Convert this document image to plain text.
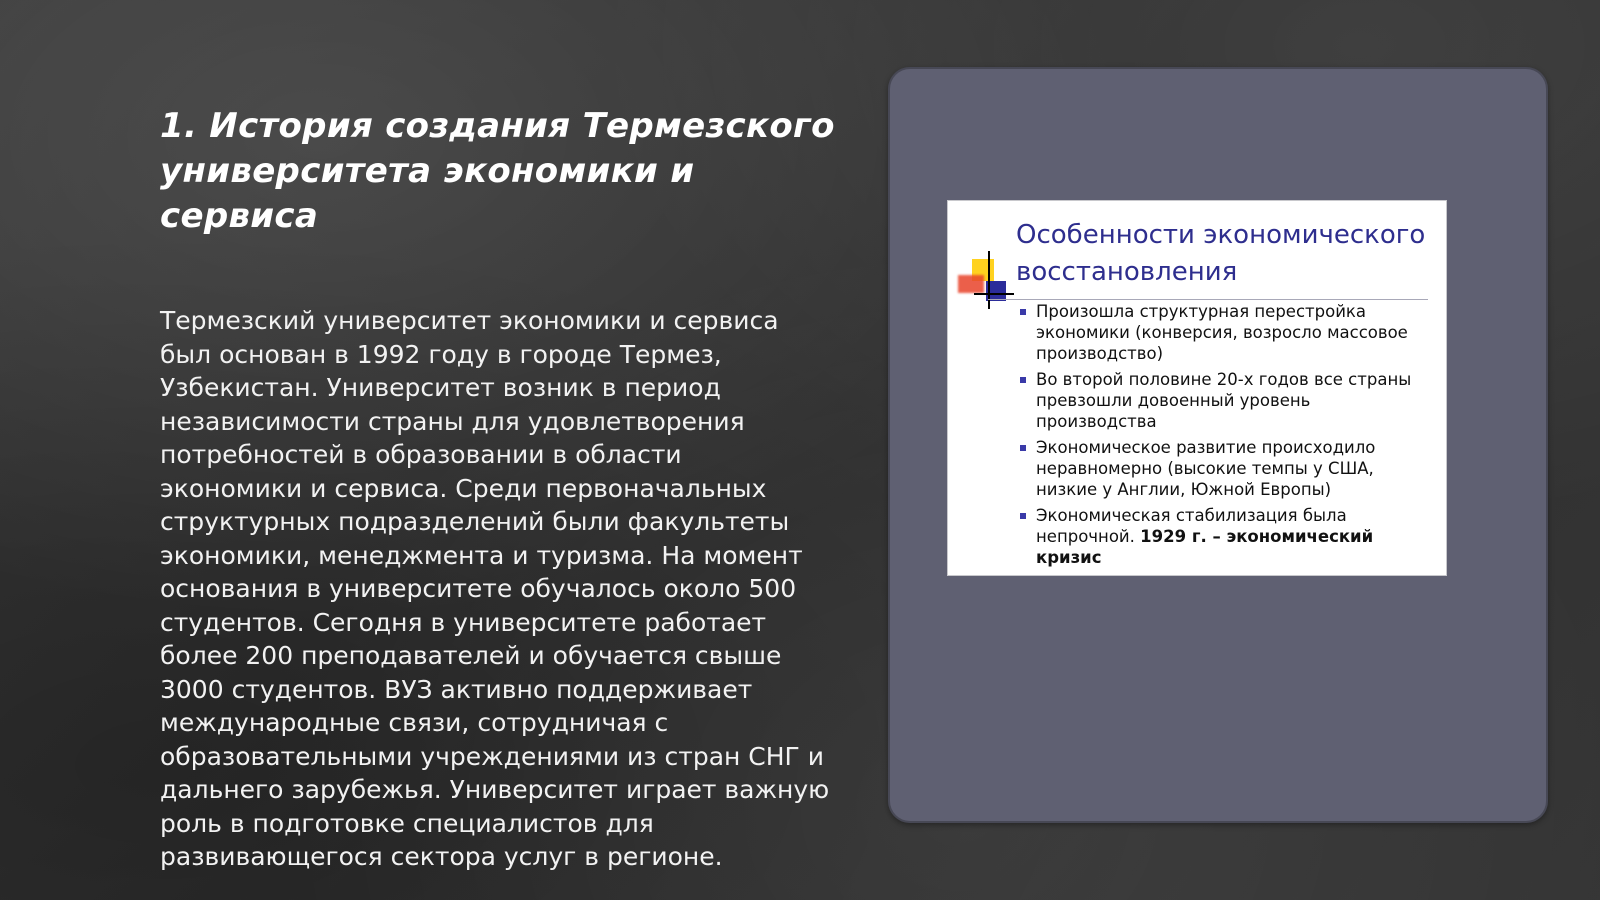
1. История создания Термезского университета экономики и сервиса

Термезский университет экономики и сервиса был основан в 1992 году в городе Термез, Узбекистан. Университет возник в период независимости страны для удовлетворения потребностей в образовании в области экономики и сервиса. Среди первоначальных структурных подразделений были факультеты экономики, менеджмента и туризма. На момент основания в университете обучалось около 500 студентов. Сегодня в университете работает более 200 преподавателей и обучается свыше 3000 студентов. ВУЗ активно поддерживает международные связи, сотрудничая с образовательными учреждениями из стран СНГ и дальнего зарубежья. Университет играет важную роль в подготовке специалистов для развивающегося сектора услуг в регионе.

Особенности экономического восстановления
Произошла структурная перестройка экономики (конверсия, возросло массовое производство)
Во второй половине 20-х годов все страны превзошли довоенный уровень производства
Экономическое развитие происходило неравномерно (высокие темпы у США, низкие у Англии, Южной Европы)
Экономическая стабилизация была непрочной. 1929 г. – экономический кризис
